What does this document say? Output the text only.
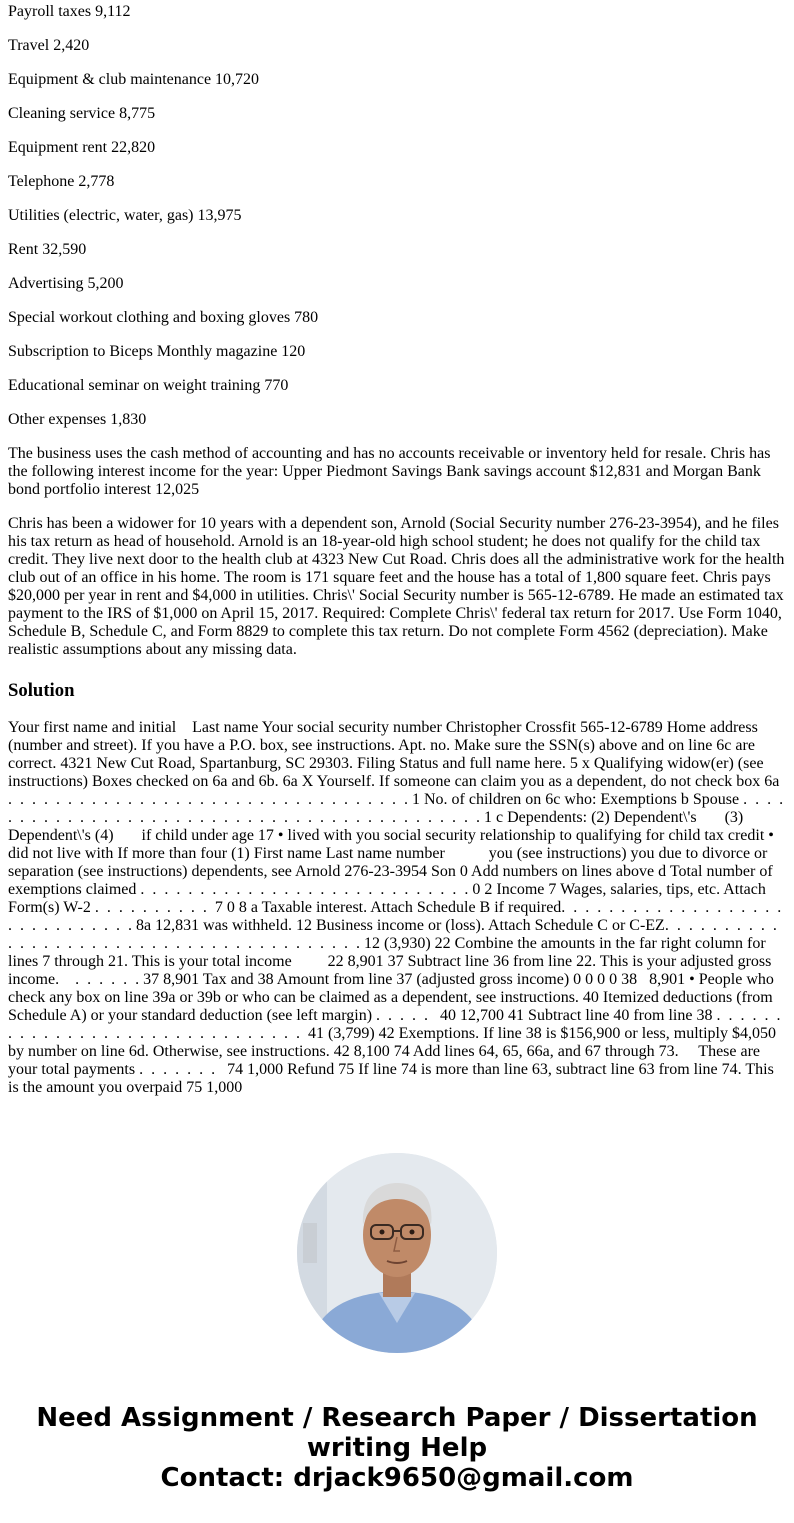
Payroll taxes 9,112

Travel 2,420

Equipment & club maintenance 10,720

Cleaning service 8,775

Equipment rent 22,820

Telephone 2,778

Utilities (electric, water, gas) 13,975

Rent 32,590

Advertising 5,200

Special workout clothing and boxing gloves 780

Subscription to Biceps Monthly magazine 120

Educational seminar on weight training 770

Other expenses 1,830

The business uses the cash method of accounting and has no accounts receivable or inventory held for resale. Chris has the following interest income for the year: Upper Piedmont Savings Bank savings account $12,831 and Morgan Bank bond portfolio interest 12,025

Chris has been a widower for 10 years with a dependent son, Arnold (Social Security number 276-23-3954), and he files his tax return as head of household. Arnold is an 18-year-old high school student; he does not qualify for the child tax credit. They live next door to the health club at 4323 New Cut Road. Chris does all the administrative work for the health club out of an office in his home. The room is 171 square feet and the house has a total of 1,800 square feet. Chris pays $20,000 per year in rent and $4,000 in utilities. Chris\' Social Security number is 565-12-6789. He made an estimated tax payment to the IRS of $1,000 on April 15, 2017. Required: Complete Chris\' federal tax return for 2017. Use Form 1040, Schedule B, Schedule C, and Form 8829 to complete this tax return. Do not complete Form 4562 (depreciation). Make realistic assumptions about any missing data.

Solution

Your first name and initial    Last name Your social security number Christopher Crossfit 565-12-6789 Home address (number and street). If you have a P.O. box, see instructions. Apt. no. Make sure the SSN(s) above and on line 6c are correct. 4321 New Cut Road, Spartanburg, SC 29303. Filing Status and full name here. 5 x Qualifying widow(er) (see instructions) Boxes checked on 6a and 6b. 6a X Yourself. If someone can claim you as a dependent, do not check box 6a .  .  .  .  .  .  .  .  .  .  .  .  .  .  .  .  .  .  .  .  .  .  .  .  .  .  .  .  .  .  .  .  .  . 1 No. of children on 6c who: Exemptions b Spouse .  .  .  .  .  .  .  .  .  .  .  .  .  .  .  .  .  .  .  .  .  .  .  .  .  .  .  .  .  .  .  .  .  .  .  .  .  .  .  .  .  .  .  . 1 c Dependents: (2) Dependent\'s       (3) Dependent\'s (4)       if child under age 17 • lived with you social security relationship to qualifying for child tax credit • did not live with If more than four (1) First name Last name number           you (see instructions) you due to divorce or separation (see instructions) dependents, see Arnold 276-23-3954 Son 0 Add numbers on lines above d Total number of exemptions claimed .  .  .  .  .  .  .  .  .  .  .  .  .  .  .  .  .  .  .  .  .  .  .  .  .  .  .  . 0 2 Income 7 Wages, salaries, tips, etc. Attach Form(s) W-2 .  .  .  .  .  .  .  .  .  .  7 0 8 a Taxable interest. Attach Schedule B if required.  .  .  .  .  .  .  .  .  .  .  .  .  .  .  .  .  .  .  .  .  .  .  .  .  .  .  .  .  . 8a 12,831 was withheld. 12 Business income or (loss). Attach Schedule C or C-EZ.  .  .  .  .  .  .  .  .  .  .  .  .  .  .  .  .  .  .  .  .  .  .  .  .  .  .  .  .  .  .  .  .  .  .  .  .  .  .  . 12 (3,930) 22 Combine the amounts in the far right column for lines 7 through 21. This is your total income         22 8,901 37 Subtract line 36 from line 22. This is your adjusted gross income.    .  .  .  .  .  . 37 8,901 Tax and 38 Amount from line 37 (adjusted gross income) 0 0 0 0 38   8,901 • People who check any box on line 39a or 39b or who can be claimed as a dependent, see instructions. 40 Itemized deductions (from Schedule A) or your standard deduction (see left margin) .  .  .  .  .   40 12,700 41 Subtract line 40 from line 38 .  .  .  .  .  .  .  .  .  .  .  .  .  .  .  .  .  .  .  .  .  .  .  .  .  .  .  .  .  .  .  41 (3,799) 42 Exemptions. If line 38 is $156,900 or less, multiply $4,050 by number on line 6d. Otherwise, see instructions. 42 8,100 74 Add lines 64, 65, 66a, and 67 through 73.     These are your total payments .  .  .  .  .  .  .   74 1,000 Refund 75 If line 74 is more than line 63, subtract line 63 from line 74. This is the amount you overpaid 75 1,000

Need Assignment / Research Paper / Dissertation
writing Help
Contact: drjack9650@gmail.com
